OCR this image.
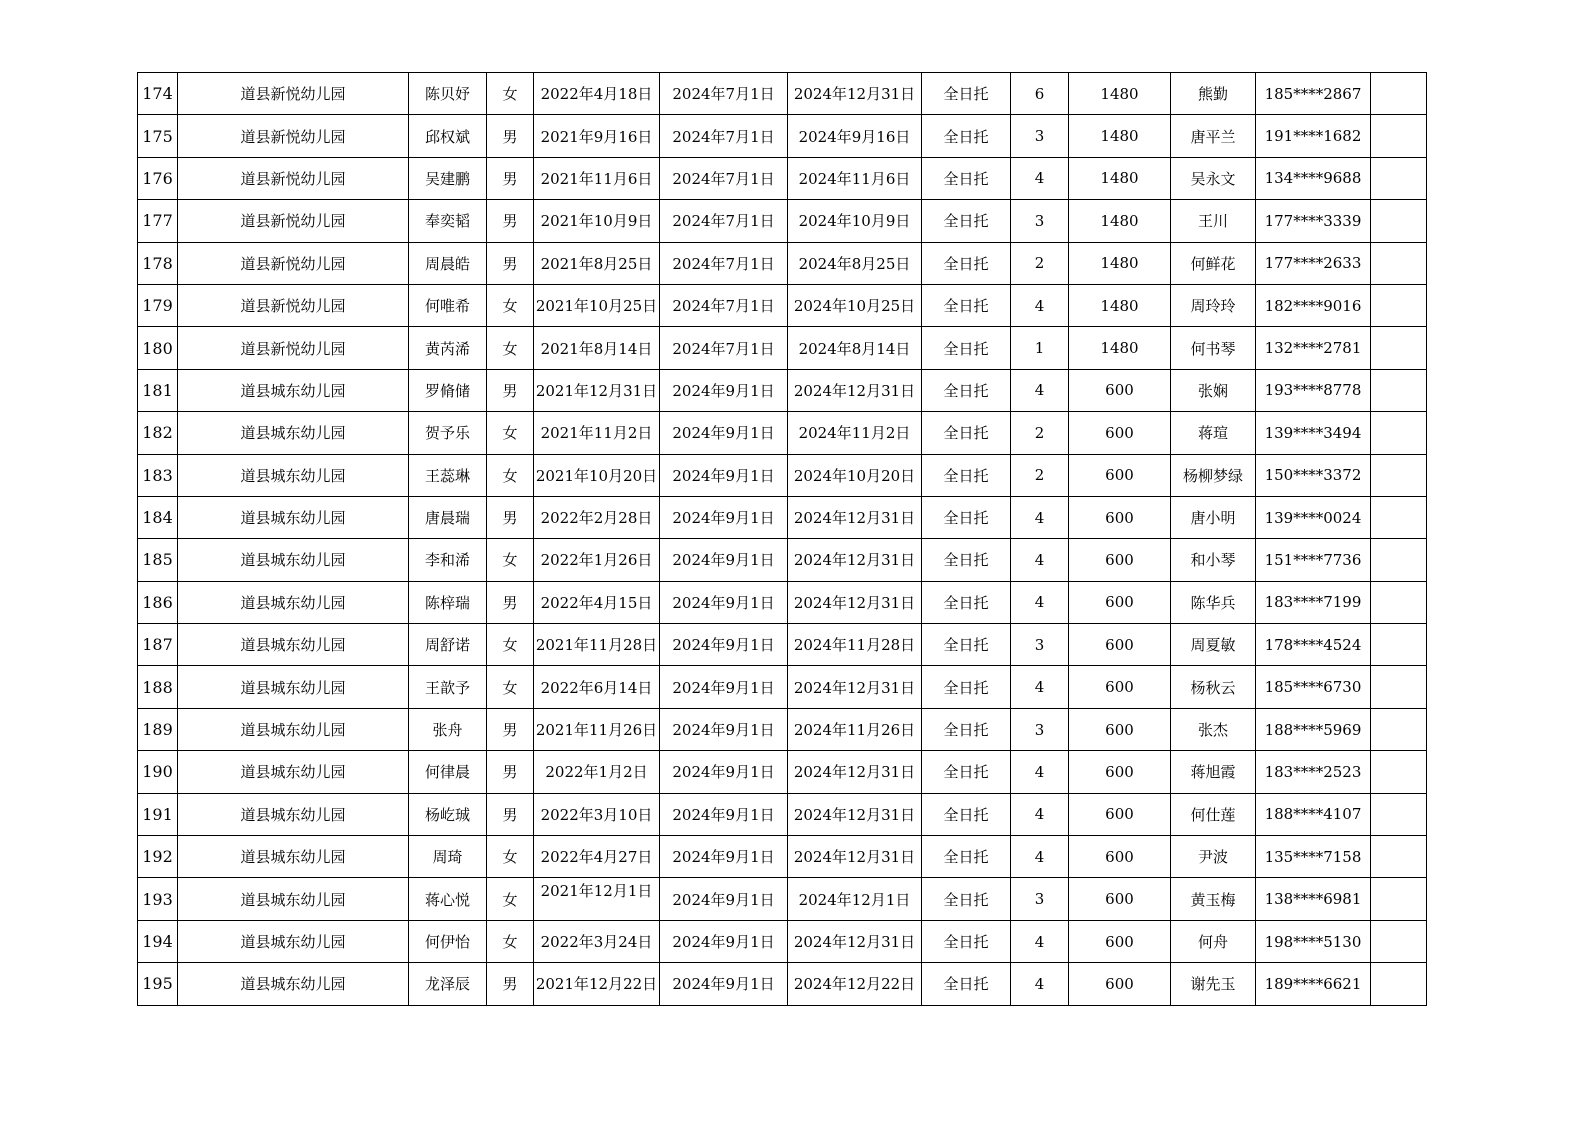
174	道县新悦幼儿园	陈贝妤	女	2022年4月18日	2024年7月1日	2024年12月31日	全日托	6	1480	熊勤	185****2867	
175	道县新悦幼儿园	邱权斌	男	2021年9月16日	2024年7月1日	2024年9月16日	全日托	3	1480	唐平兰	191****1682	
176	道县新悦幼儿园	吴建鹏	男	2021年11月6日	2024年7月1日	2024年11月6日	全日托	4	1480	吴永文	134****9688	
177	道县新悦幼儿园	奉奕韬	男	2021年10月9日	2024年7月1日	2024年10月9日	全日托	3	1480	王川	177****3339	
178	道县新悦幼儿园	周晨皓	男	2021年8月25日	2024年7月1日	2024年8月25日	全日托	2	1480	何鲜花	177****2633	
179	道县新悦幼儿园	何唯希	女	2021年10月25日	2024年7月1日	2024年10月25日	全日托	4	1480	周玲玲	182****9016	
180	道县新悦幼儿园	黄芮浠	女	2021年8月14日	2024年7月1日	2024年8月14日	全日托	1	1480	何书琴	132****2781	
181	道县城东幼儿园	罗脩储	男	2021年12月31日	2024年9月1日	2024年12月31日	全日托	4	600	张娴	193****8778	
182	道县城东幼儿园	贺予乐	女	2021年11月2日	2024年9月1日	2024年11月2日	全日托	2	600	蒋瑄	139****3494	
183	道县城东幼儿园	王蕊琳	女	2021年10月20日	2024年9月1日	2024年10月20日	全日托	2	600	杨柳梦绿	150****3372	
184	道县城东幼儿园	唐晨瑞	男	2022年2月28日	2024年9月1日	2024年12月31日	全日托	4	600	唐小明	139****0024	
185	道县城东幼儿园	李和浠	女	2022年1月26日	2024年9月1日	2024年12月31日	全日托	4	600	和小琴	151****7736	
186	道县城东幼儿园	陈梓瑞	男	2022年4月15日	2024年9月1日	2024年12月31日	全日托	4	600	陈华兵	183****7199	
187	道县城东幼儿园	周舒诺	女	2021年11月28日	2024年9月1日	2024年11月28日	全日托	3	600	周夏敏	178****4524	
188	道县城东幼儿园	王歆予	女	2022年6月14日	2024年9月1日	2024年12月31日	全日托	4	600	杨秋云	185****6730	
189	道县城东幼儿园	张舟	男	2021年11月26日	2024年9月1日	2024年11月26日	全日托	3	600	张杰	188****5969	
190	道县城东幼儿园	何律晨	男	2022年1月2日	2024年9月1日	2024年12月31日	全日托	4	600	蒋旭霞	183****2523	
191	道县城东幼儿园	杨屹珹	男	2022年3月10日	2024年9月1日	2024年12月31日	全日托	4	600	何仕莲	188****4107	
192	道县城东幼儿园	周琦	女	2022年4月27日	2024年9月1日	2024年12月31日	全日托	4	600	尹波	135****7158	
193	道县城东幼儿园	蒋心悦	女	2021年12月1日	2024年9月1日	2024年12月1日	全日托	3	600	黄玉梅	138****6981	
194	道县城东幼儿园	何伊怡	女	2022年3月24日	2024年9月1日	2024年12月31日	全日托	4	600	何舟	198****5130	
195	道县城东幼儿园	龙泽辰	男	2021年12月22日	2024年9月1日	2024年12月22日	全日托	4	600	谢先玉	189****6621	
